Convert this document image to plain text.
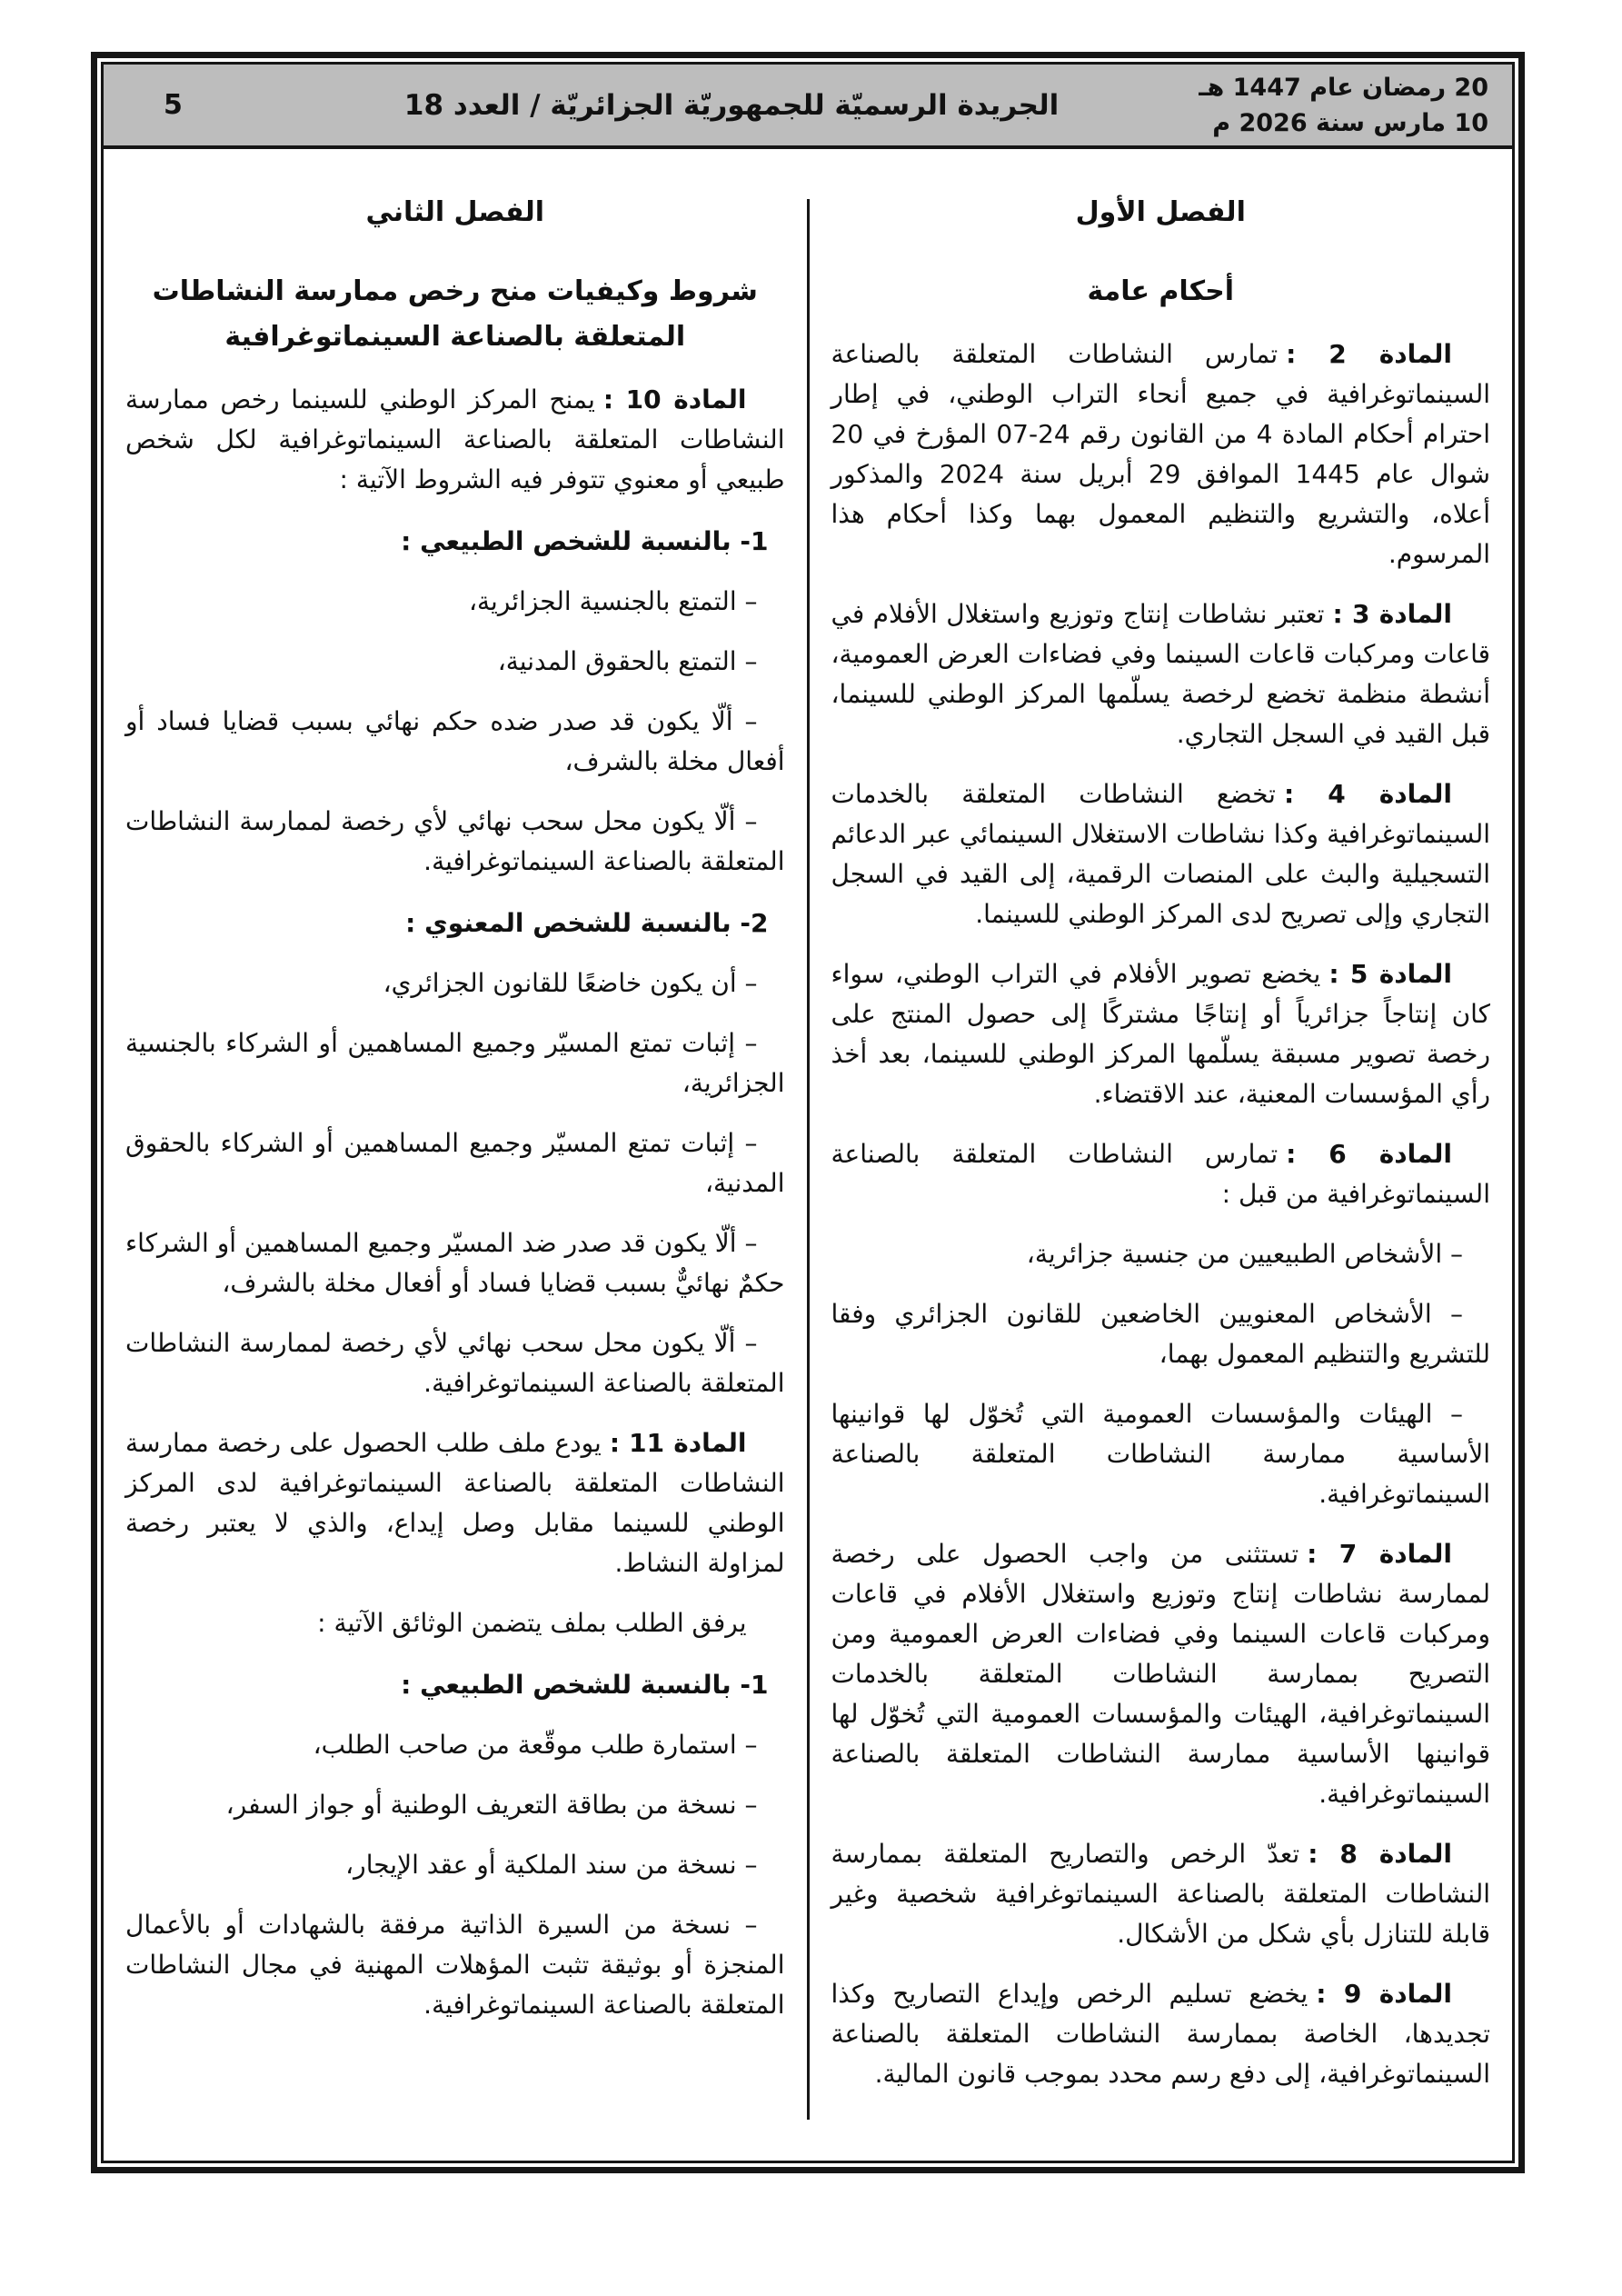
20 رمضان عام 1447 هـ
10 مارس سنة 2026 م
الجريدة الرسميّة للجمهوريّة الجزائريّة / العدد 18
5
الفصل الأول
أحكام عامة

المادة 2 :تمارس النشاطات المتعلقة بالصناعة السينماتوغرافية في جميع أنحاء التراب الوطني، في إطار احترام أحكام المادة 4 من القانون رقم 24‏-‏07 المؤرخ في 20 شوال عام 1445 الموافق 29 أبريل سنة 2024 والمذكور أعلاه، والتشريع والتنظيم المعمول بهما وكذا أحكام هذا المرسوم.

المادة 3 :تعتبر نشاطات إنتاج وتوزيع واستغلال الأفلام في قاعات ومركبات قاعات السينما وفي فضاءات العرض العمومية، أنشطة منظمة تخضع لرخصة يسلّمها المركز الوطني للسينما، قبل القيد في السجل التجاري.

المادة 4 :تخضع النشاطات المتعلقة بالخدمات السينماتوغرافية وكذا نشاطات الاستغلال السينمائي عبر الدعائم التسجيلية والبث على المنصات الرقمية، إلى القيد في السجل التجاري وإلى تصريح لدى المركز الوطني للسينما.

المادة 5 :يخضع تصوير الأفلام في التراب الوطني، سواء كان إنتاجاً جزائرياً أو إنتاجًا مشتركًا إلى حصول المنتج على رخصة تصوير مسبقة يسلّمها المركز الوطني للسينما، بعد أخذ رأي المؤسسات المعنية، عند الاقتضاء.

المادة 6 :تمارس النشاطات المتعلقة بالصناعة السينماتوغرافية من قبل :

– الأشخاص الطبيعيين من جنسية جزائرية،

– الأشخاص المعنويين الخاضعين للقانون الجزائري وفقا للتشريع والتنظيم المعمول بهما،

– الهيئات والمؤسسات العمومية التي تُخوّل لها قوانينها الأساسية ممارسة النشاطات المتعلقة بالصناعة السينماتوغرافية.

المادة 7 :تستثنى من واجب الحصول على رخصة لممارسة نشاطات إنتاج وتوزيع واستغلال الأفلام في قاعات ومركبات قاعات السينما وفي فضاءات العرض العمومية ومن التصريح بممارسة النشاطات المتعلقة بالخدمات السينماتوغرافية، الهيئات والمؤسسات العمومية التي تُخوّل لها قوانينها الأساسية ممارسة النشاطات المتعلقة بالصناعة السينماتوغرافية.

المادة 8 :تعدّ الرخص والتصاريح المتعلقة بممارسة النشاطات المتعلقة بالصناعة السينماتوغرافية شخصية وغير قابلة للتنازل بأي شكل من الأشكال.

المادة 9 :يخضع تسليم الرخص وإيداع التصاريح وكذا تجديدها، الخاصة بممارسة النشاطات المتعلقة بالصناعة السينماتوغرافية، إلى دفع رسم محدد بموجب قانون المالية.

الفصل الثاني
شروط وكيفيات منح رخص ممارسة النشاطات
المتعلقة بالصناعة السينماتوغرافية

المادة 10 :يمنح المركز الوطني للسينما رخص ممارسة النشاطات المتعلقة بالصناعة السينماتوغرافية لكل شخص طبيعي أو معنوي تتوفر فيه الشروط الآتية :

1- بالنسبة للشخص الطبيعي :

– التمتع بالجنسية الجزائرية،

– التمتع بالحقوق المدنية،

– ألّا يكون قد صدر ضده حكم نهائي بسبب قضايا فساد أو أفعال مخلة بالشرف،

– ألّا يكون محل سحب نهائي لأي رخصة لممارسة النشاطات المتعلقة بالصناعة السينماتوغرافية.

2- بالنسبة للشخص المعنوي :

– أن يكون خاضعًا للقانون الجزائري،

– إثبات تمتع المسيّر وجميع المساهمين أو الشركاء بالجنسية الجزائرية،

– إثبات تمتع المسيّر وجميع المساهمين أو الشركاء بالحقوق المدنية،

– ألّا يكون قد صدر ضد المسيّر وجميع المساهمين أو الشركاء حكمٌ نهائيٌّ بسبب قضايا فساد أو أفعال مخلة بالشرف،

– ألّا يكون محل سحب نهائي لأي رخصة لممارسة النشاطات المتعلقة بالصناعة السينماتوغرافية.

المادة 11 :يودع ملف طلب الحصول على رخصة ممارسة النشاطات المتعلقة بالصناعة السينماتوغرافية لدى المركز الوطني للسينما مقابل وصل إيداع، والذي لا يعتبر رخصة لمزاولة النشاط.

يرفق الطلب بملف يتضمن الوثائق الآتية :

1- بالنسبة للشخص الطبيعي :

– استمارة طلب موقّعة من صاحب الطلب،

– نسخة من بطاقة التعريف الوطنية أو جواز السفر،

– نسخة من سند الملكية أو عقد الإيجار،

– نسخة من السيرة الذاتية مرفقة بالشهادات أو بالأعمال المنجزة أو بوثيقة تثبت المؤهلات المهنية في مجال النشاطات المتعلقة بالصناعة السينماتوغرافية.
